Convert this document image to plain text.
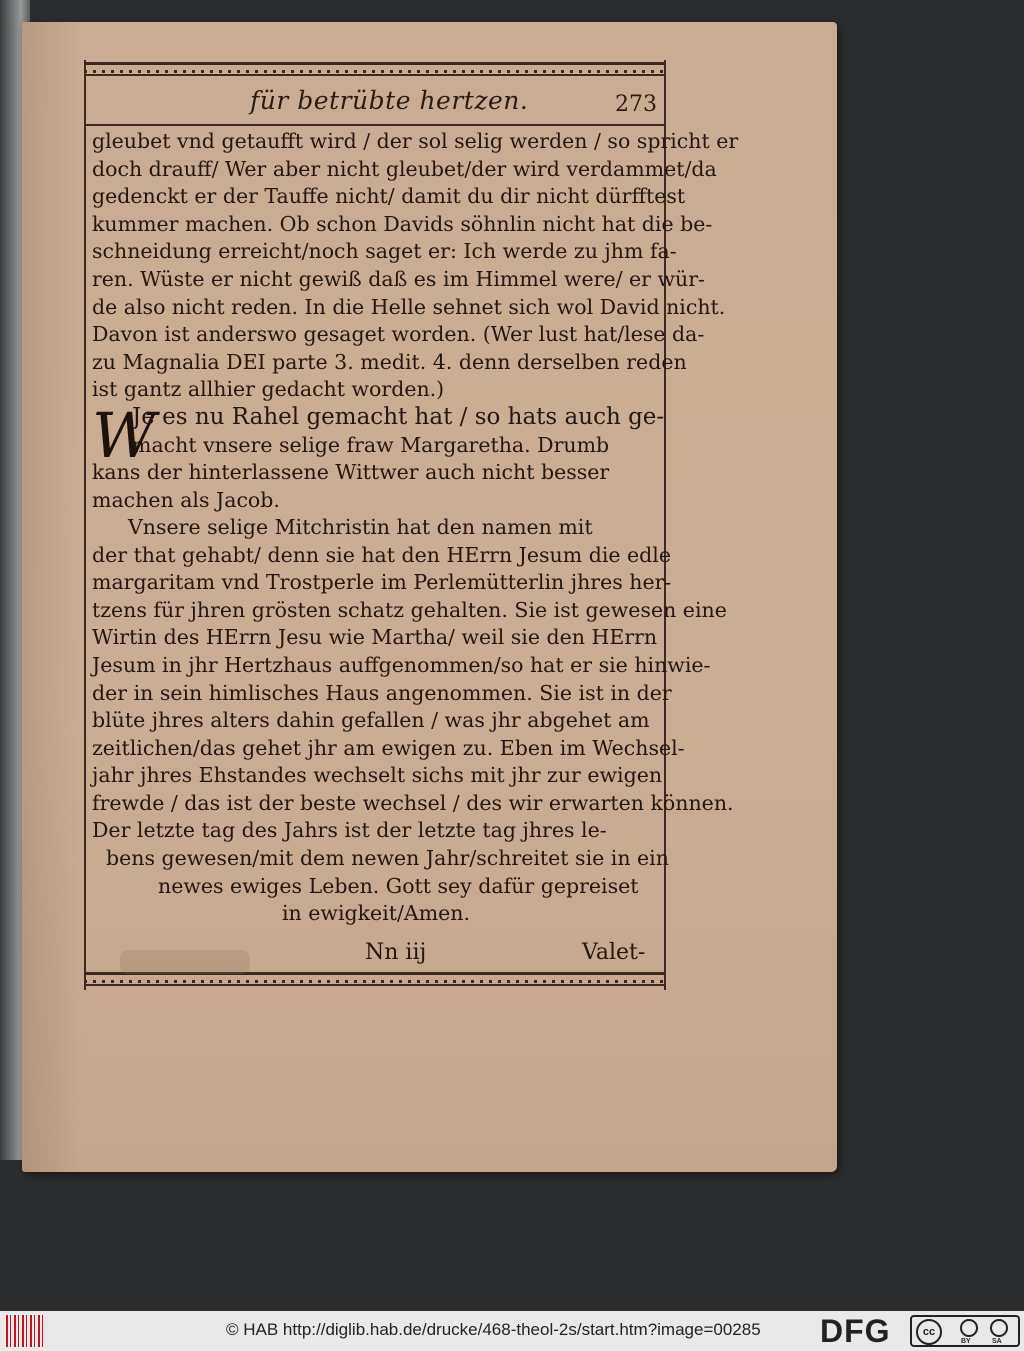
für betrübte hertzen.	273
gleubet vnd getaufft wird / der sol selig werden / so spricht er
doch drauff/ Wer aber nicht gleubet/der wird verdammet/da
gedenckt er der Tauffe nicht/ damit du dir nicht dürfftest
kummer machen. Ob schon Davids söhnlin nicht hat die be-
schneidung erreicht/noch saget er: Ich werde zu jhm fa-
ren. Wüste er nicht gewiß daß es im Himmel were/ er wür-
de also nicht reden. In die Helle sehnet sich wol David nicht.
Davon ist anderswo gesaget worden. (Wer lust hat/lese da-
zu Magnalia DEI parte 3. medit. 4. denn derselben reden
ist gantz allhier gedacht worden.)
W
Je es nu Rahel gemacht hat / so hats auch ge-
macht vnsere selige fraw Margaretha. Drumb
kans der hinterlassene Wittwer auch nicht besser
machen als Jacob.
Vnsere selige Mitchristin hat den namen mit
der that gehabt/ denn sie hat den HErrn Jesum die edle
margaritam vnd Trostperle im Perlemütterlin jhres her-
tzens für jhren grösten schatz gehalten. Sie ist gewesen eine
Wirtin des HErrn Jesu wie Martha/ weil sie den HErrn
Jesum in jhr Hertzhaus auffgenommen/so hat er sie hinwie-
der in sein himlisches Haus angenommen. Sie ist in der
blüte jhres alters dahin gefallen / was jhr abgehet am
zeitlichen/das gehet jhr am ewigen zu. Eben im Wechsel-
jahr jhres Ehstandes wechselt sichs mit jhr zur ewigen
frewde / das ist der beste wechsel / des wir erwarten können.
Der letzte tag des Jahrs ist der letzte tag jhres le-
bens gewesen/mit dem newen Jahr/schreitet sie in ein
newes ewiges Leben. Gott sey dafür gepreiset
in ewigkeit/Amen.
Nn iij	Valet-
© HAB http://diglib.hab.de/drucke/468-theol-2s/start.htm?image=00285 DFG	cc
BY	SA
